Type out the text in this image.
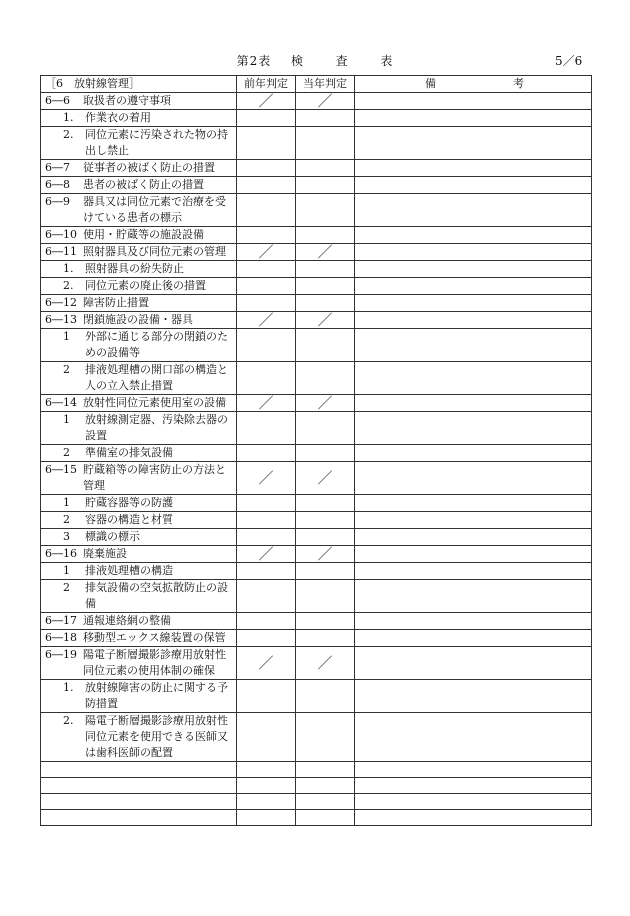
第2表 検	査	表	5／6
［6　放射線管理］	前年判定	当年判定	備 考

6―6 取扱者の遵守事項	／	／	

1. 作業衣の着用			

2. 同位元素に汚染された物の持出し禁止			

6―7 従事者の被ばく防止の措置			

6―8 患者の被ばく防止の措置			

6―9 器具又は同位元素で治療を受けている患者の標示			

6―10 使用・貯蔵等の施設設備			

6―11 照射器具及び同位元素の管理	／	／	

1. 照射器具の紛失防止			

2. 同位元素の廃止後の措置			

6―12 障害防止措置			

6―13 閉鎖施設の設備・器具	／	／	

1 外部に通じる部分の閉鎖のための設備等			

2 排液処理槽の開口部の構造と人の立入禁止措置			

6―14 放射性同位元素使用室の設備	／	／	

1 放射線測定器、汚染除去器の設置			

2 準備室の排気設備			

6―15 貯蔵箱等の障害防止の方法と管理	／	／	

1 貯蔵容器等の防護			

2 容器の構造と材質			

3 標識の標示			

6―16 廃棄施設	／	／	

1 排液処理槽の構造			

2 排気設備の空気拡散防止の設備			

6―17 通報連絡網の整備			

6―18 移動型エックス線装置の保管			

6―19 陽電子断層撮影診療用放射性同位元素の使用体制の確保	／	／	

1. 放射線障害の防止に関する予防措置			

2. 陽電子断層撮影診療用放射性同位元素を使用できる医師又は歯科医師の配置			
